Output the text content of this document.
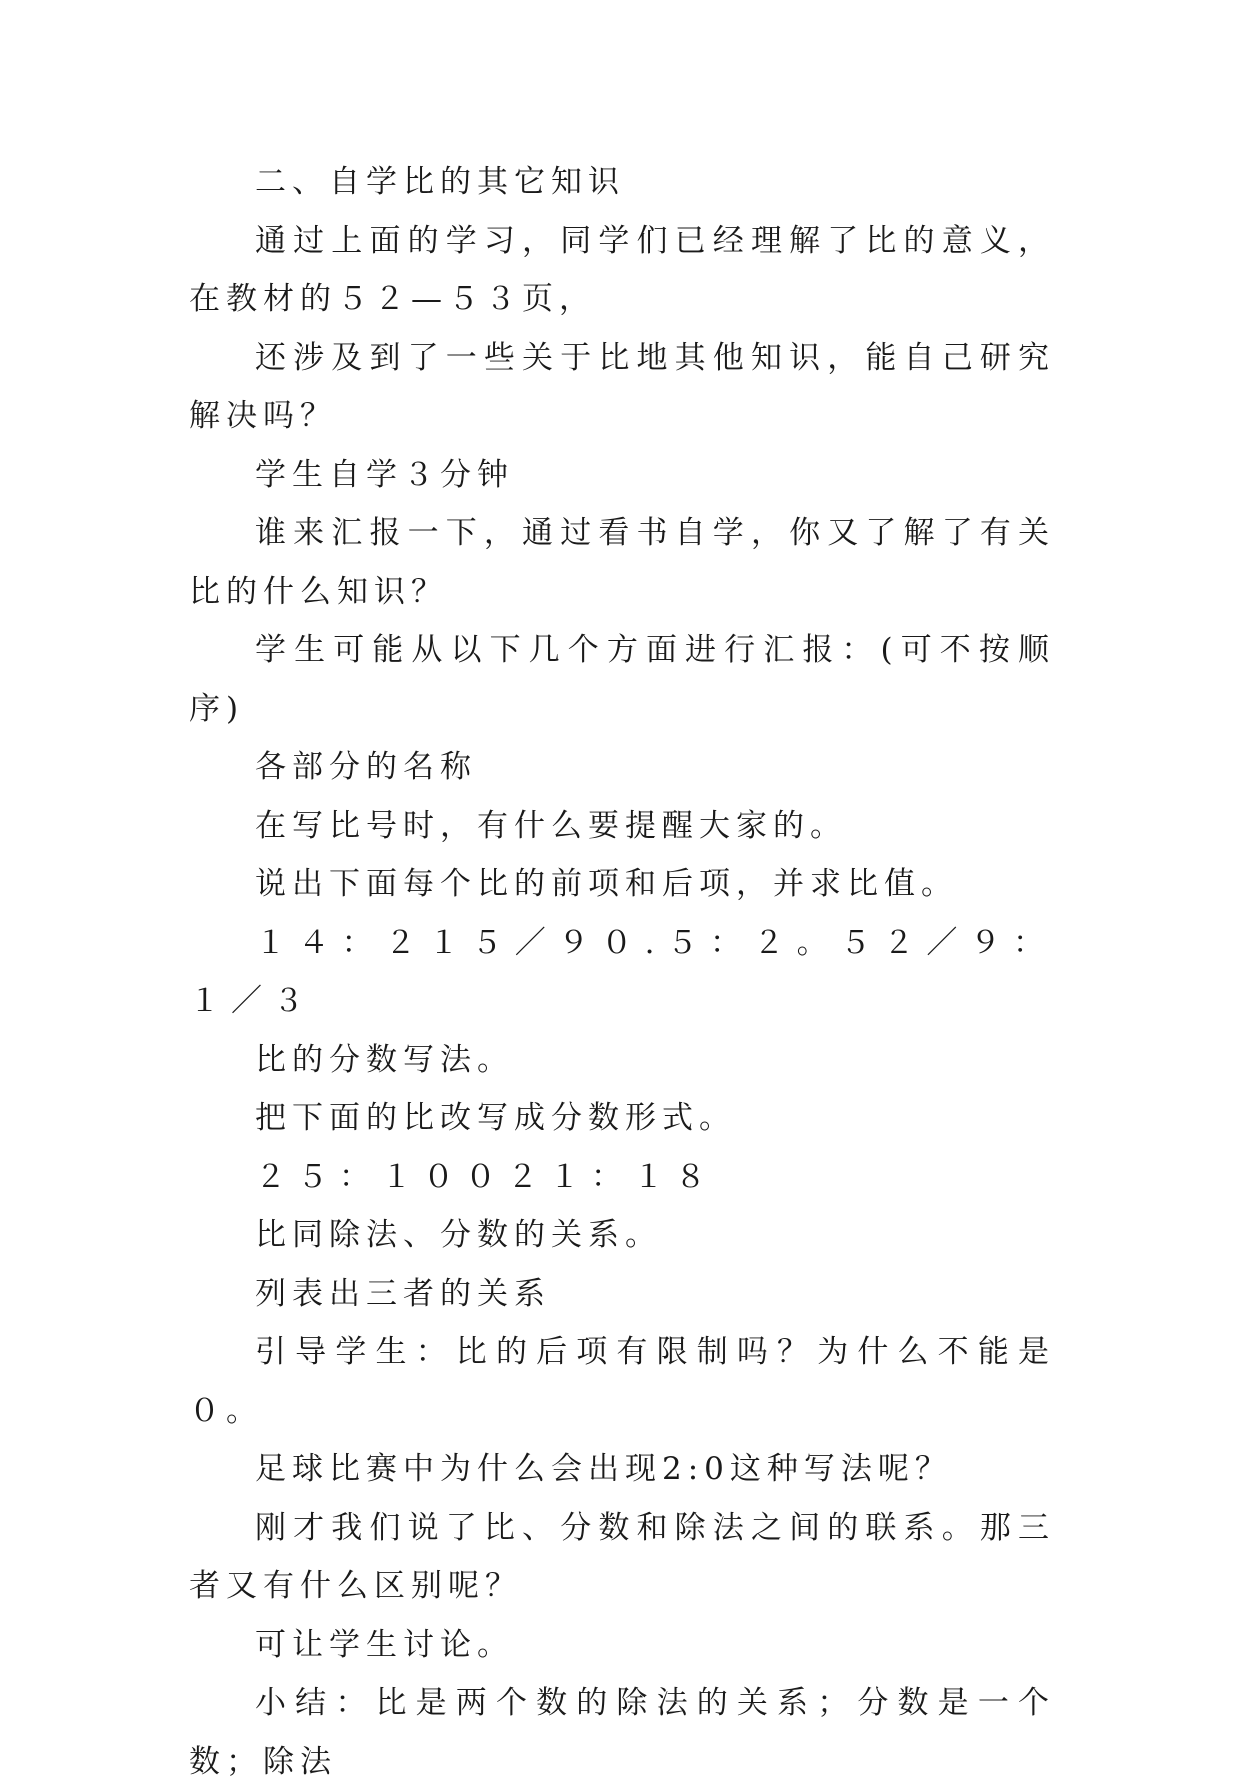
二、自学比的其它知识

通过上面的学习，同学们已经理解了比的意义，在教材的５２—５３页，

还涉及到了一些关于比地其他知识，能自己研究解决吗？

学生自学３分钟

谁来汇报一下，通过看书自学，你又了解了有关比的什么知识？

学生可能从以下几个方面进行汇报：(可不按顺序)

各部分的名称

在写比号时，有什么要提醒大家的。

说出下面每个比的前项和后项，并求比值。

１４：２１５／９０.５：２。５２／９：１／３

比的分数写法。

把下面的比改写成分数形式。

２５：１００２１：１８

比同除法、分数的关系。

列表出三者的关系

引导学生：比的后项有限制吗？为什么不能是０。

足球比赛中为什么会出现2:0这种写法呢？

刚才我们说了比、分数和除法之间的联系。那三者又有什么区别呢？

可让学生讨论。

小结：比是两个数的除法的关系；分数是一个数；除法
